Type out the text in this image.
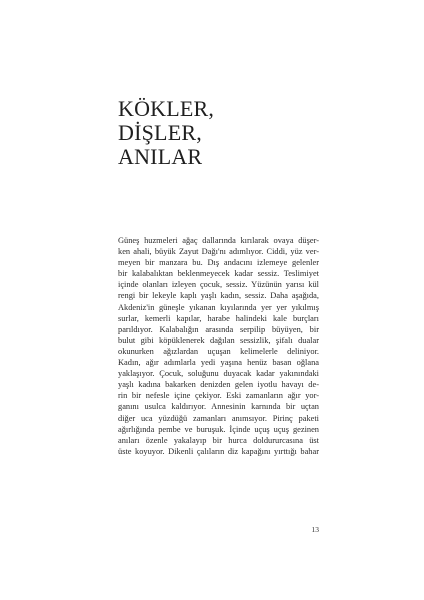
KÖKLER,
DİŞLER,
ANILAR
Güneş huzmeleri ağaç dallarında kırılarak ovaya düşer-
ken ahali, büyük Zayut Dağı'nı adımlıyor. Ciddi, yüz ver-
meyen bir manzara bu. Dış andacını izlemeye gelenler
bir kalabalıktan beklenmeyecek kadar sessiz. Teslimiyet
içinde olanları izleyen çocuk, sessiz. Yüzünün yarısı kül
rengi bir lekeyle kaplı yaşlı kadın, sessiz. Daha aşağıda,
Akdeniz'in güneşle yıkanan kıyılarında yer yer yıkılmış
surlar, kemerli kapılar, harabe halindeki kale burçları
parıldıyor. Kalabalığın arasında serpilip büyüyen, bir
bulut gibi köpüklenerek dağılan sessizlik, şifalı dualar
okunurken ağızlardan uçuşan kelimelerle deliniyor.
Kadın, ağır adımlarla yedi yaşına henüz basan oğlana
yaklaşıyor. Çocuk, soluğunu duyacak kadar yakınındaki
yaşlı kadına bakarken denizden gelen iyotlu havayı de-
rin bir nefesle içine çekiyor. Eski zamanların ağır yor-
ganını usulca kaldırıyor. Annesinin karnında bir uçtan
diğer uca yüzdüğü zamanları anımsıyor. Pirinç paketi
ağırlığında pembe ve buruşuk. İçinde uçuş uçuş gezinen
anıları özenle yakalayıp bir hurca doldururcasına üst
üste koyuyor. Dikenli çalıların diz kapağını yırttığı bahar
13
